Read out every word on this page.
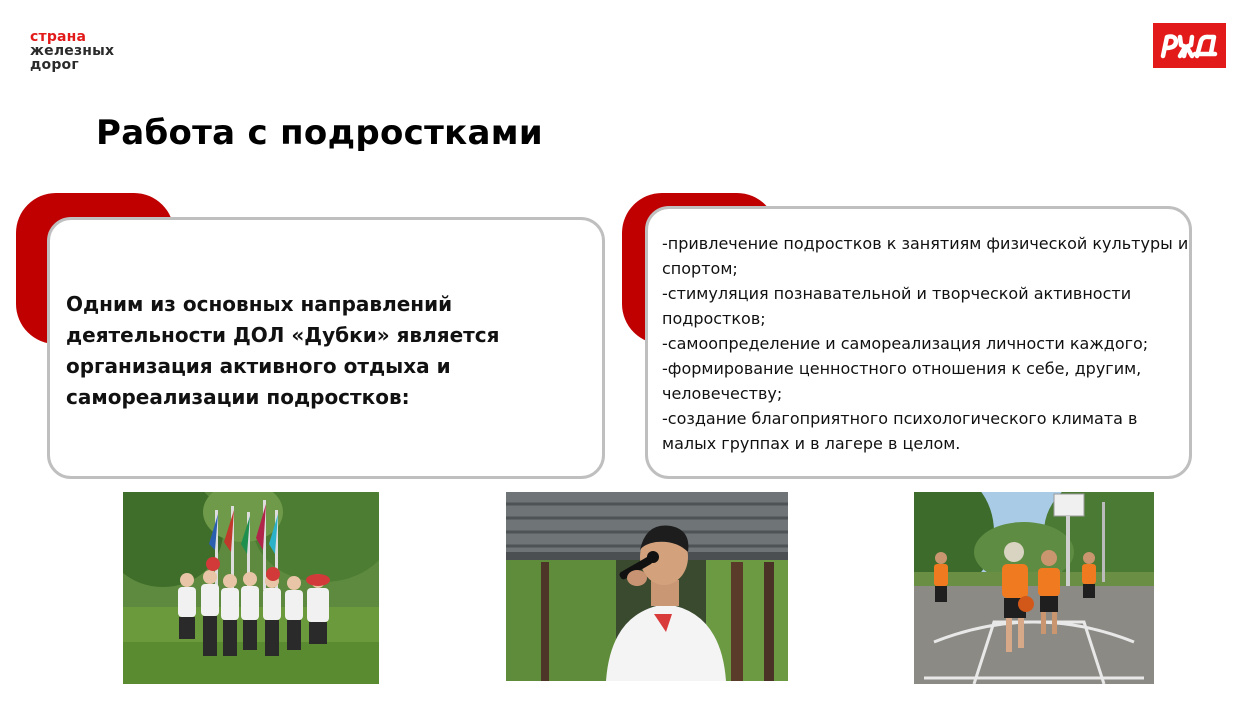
страна
железных
дорог
Работа с подростками
Одним из основных направлений деятельности ДОЛ «Дубки» является организация активного отдыха и самореализации подростков:
-привлечение подростков к занятиям физической культуры и спортом;
-стимуляция познавательной и творческой активности подростков;
-самоопределение и самореализация личности каждого;
-формирование ценностного отношения к себе, другим, человечеству;
-создание благоприятного психологического климата в малых группах и в лагере в целом.
